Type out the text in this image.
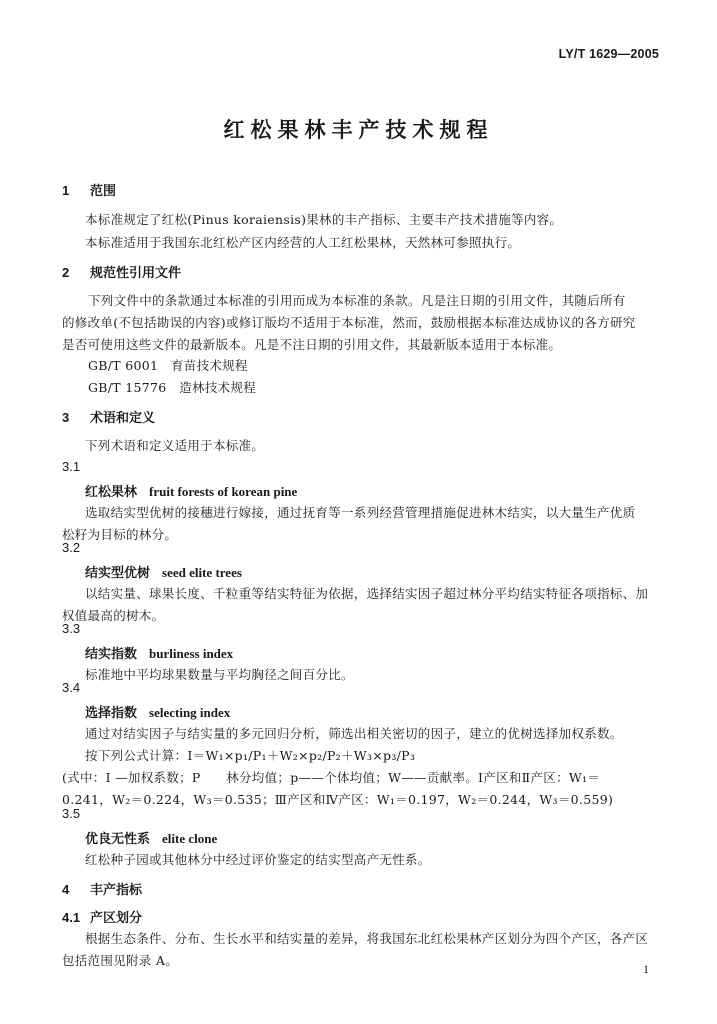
LY/T 1629—2005
红松果林丰产技术规程
1 范围
本标准规定了红松(Pinus koraiensis)果林的丰产指标、主要丰产技术措施等内容。
本标准适用于我国东北红松产区内经营的人工红松果林，天然林可参照执行。
2 规范性引用文件
下列文件中的条款通过本标准的引用而成为本标准的条款。凡是注日期的引用文件，其随后所有
的修改单(不包括勘误的内容)或修订版均不适用于本标准，然而，鼓励根据本标准达成协议的各方研究
是否可使用这些文件的最新版本。凡是不注日期的引用文件，其最新版本适用于本标准。
GB/T 6001　育苗技术规程
GB/T 15776　造林技术规程
3 术语和定义
下列术语和定义适用于本标准。
3.1
红松果林 fruit forests of korean pine
选取结实型优树的接穗进行嫁接，通过抚育等一系列经营管理措施促进林木结实，以大量生产优质
松籽为目标的林分。
3.2
结实型优树 seed elite trees
以结实量、球果长度、千粒重等结实特征为依据，选择结实因子超过林分平均结实特征各项指标、加
权值最高的树木。
3.3
结实指数 burliness index
标准地中平均球果数量与平均胸径之间百分比。
3.4
选择指数 selecting index
通过对结实因子与结实量的多元回归分析，筛选出相关密切的因子，建立的优树选择加权系数。
按下列公式计算：I＝W₁×p₁/P₁＋W₂×p₂/P₂＋W₃×p₃/P₃
(式中：I —加权系数；P　　林分均值；p——个体均值；W——贡献率。Ⅰ产区和Ⅱ产区：W₁＝
0.241，W₂＝0.224，W₃＝0.535；Ⅲ产区和Ⅳ产区：W₁＝0.197，W₂＝0.244，W₃＝0.559)
3.5
优良无性系 elite clone
红松种子园或其他林分中经过评价鉴定的结实型高产无性系。
4 丰产指标
4.1 产区划分
根据生态条件、分布、生长水平和结实量的差异，将我国东北红松果林产区划分为四个产区，各产区
包括范围见附录 A。
1
